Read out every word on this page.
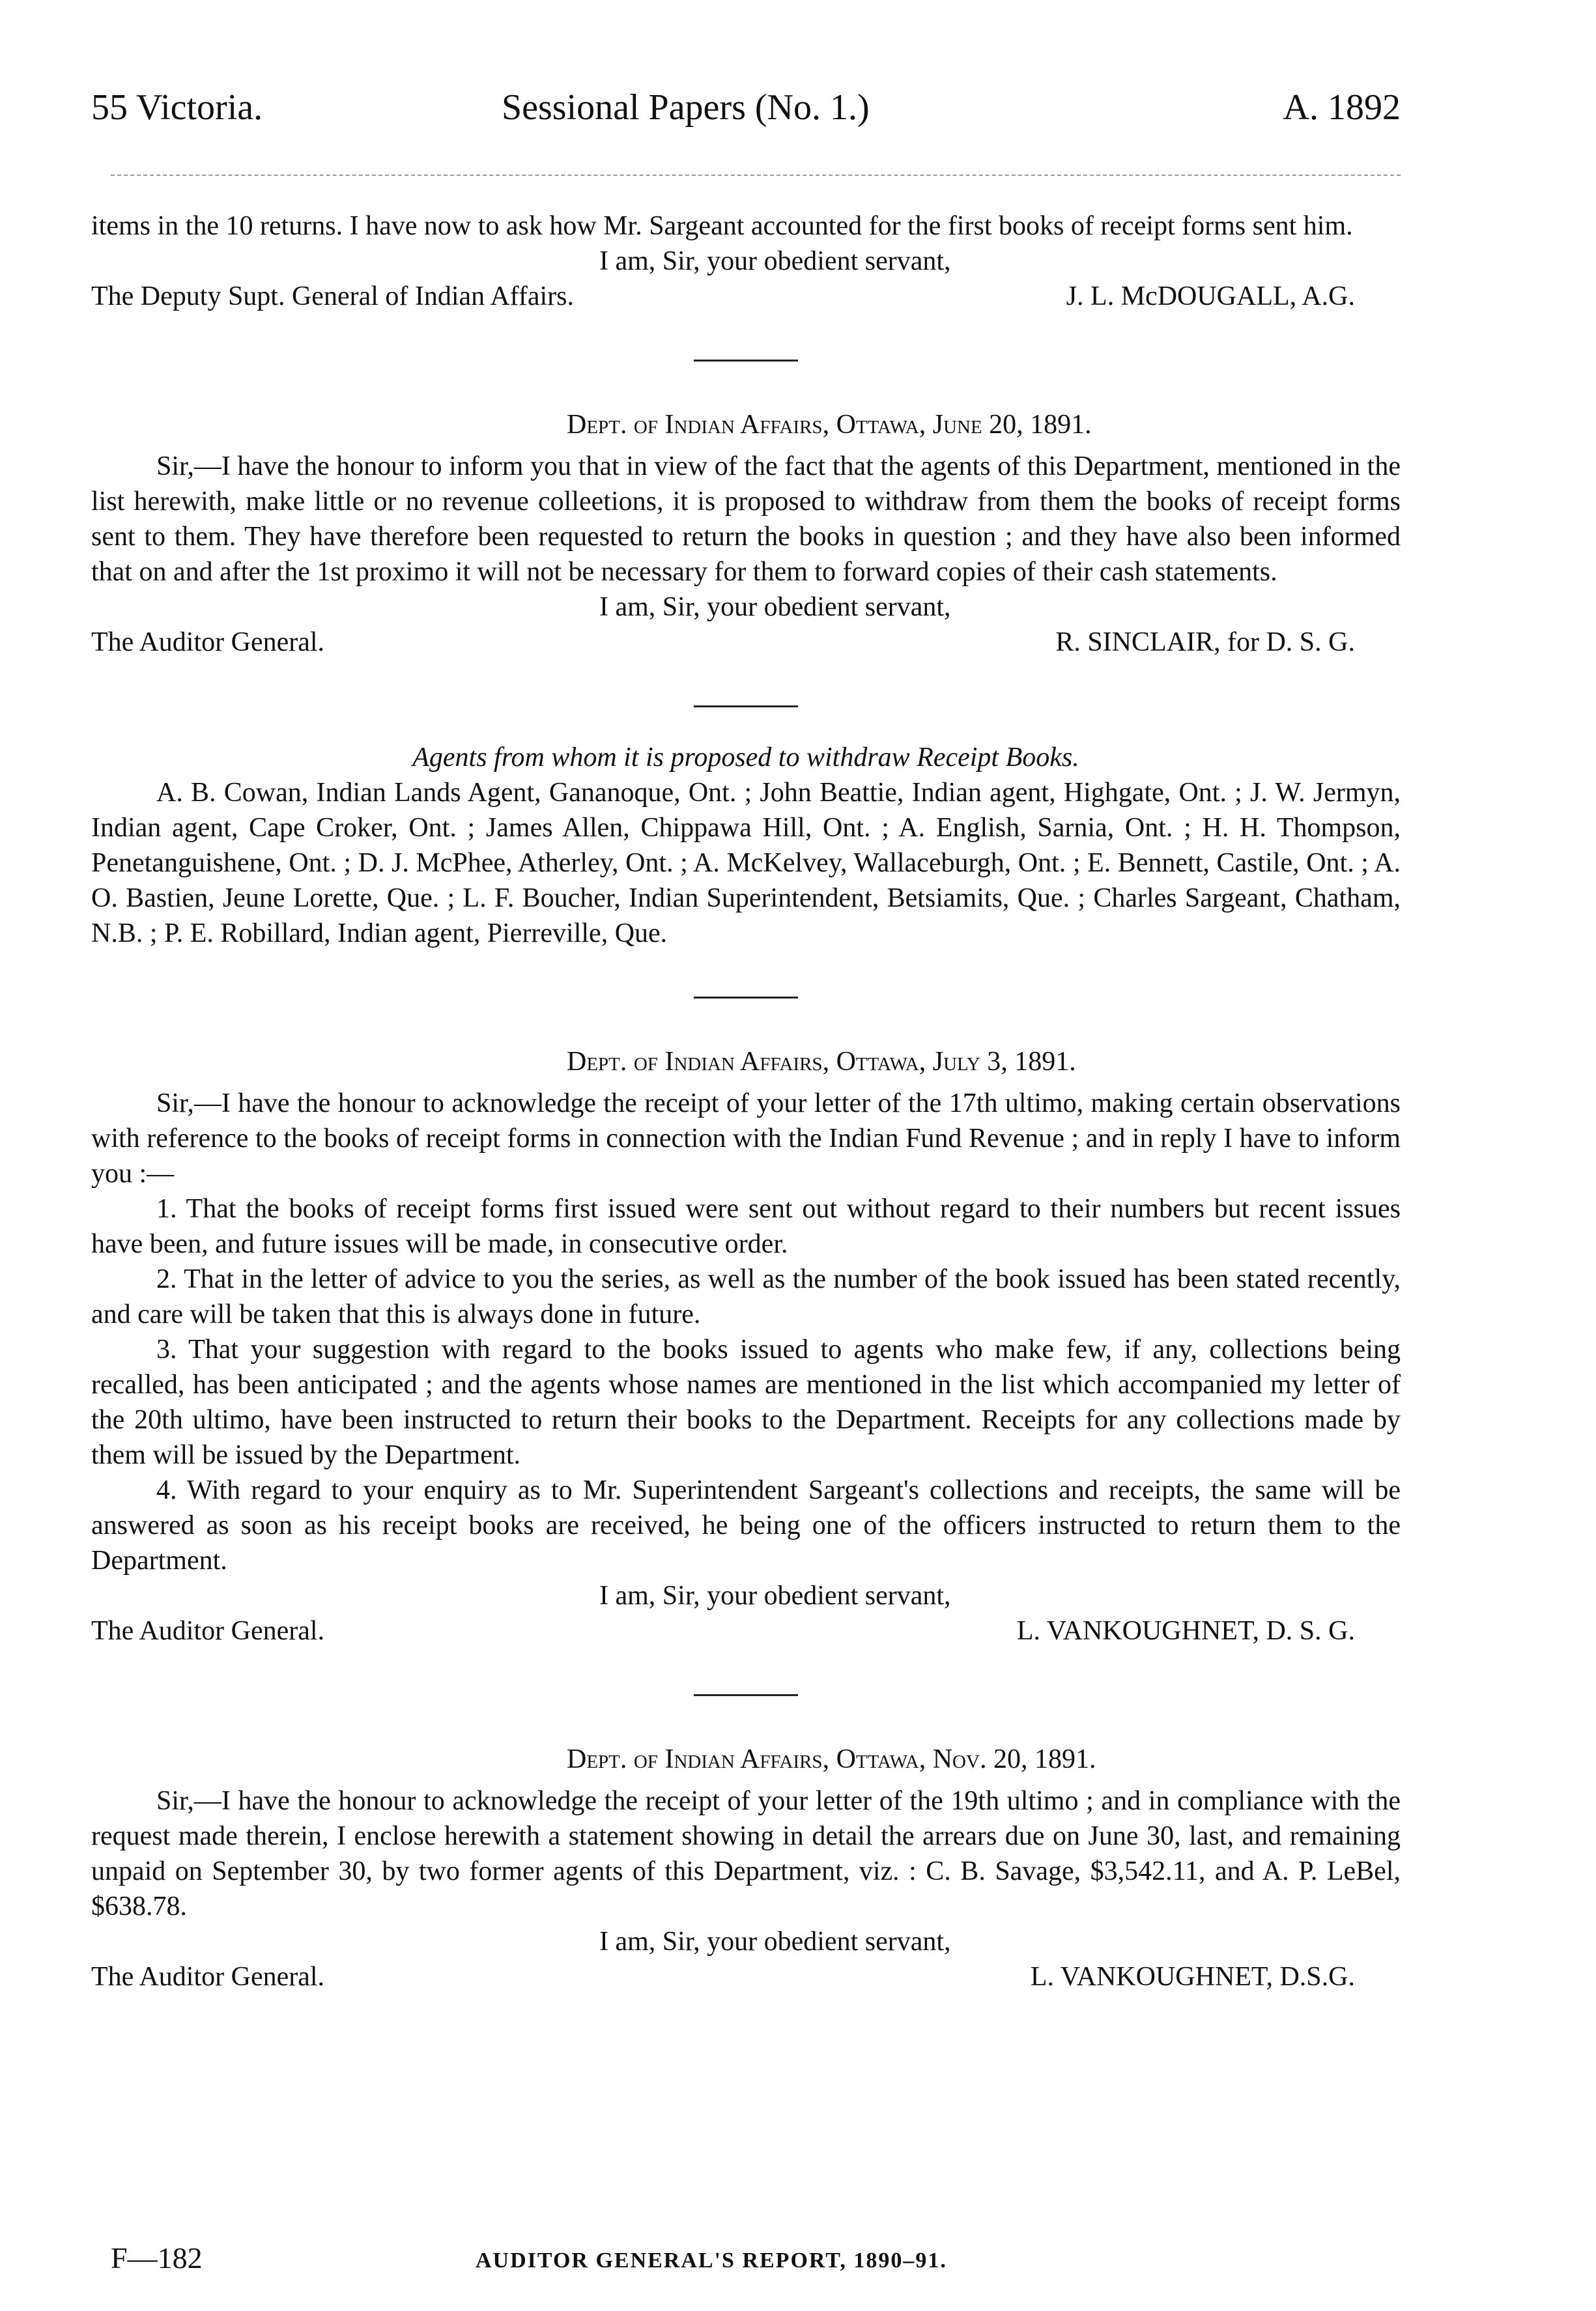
55 Victoria.	Sessional Papers (No. 1.)	A. 1892

items in the 10 returns. I have now to ask how Mr. Sargeant accounted for the first books of receipt forms sent him.

I am, Sir, your obedient servant,

The Deputy Supt. General of Indian Affairs.	J. L. McDOUGALL, A.G.

Dept. of Indian Affairs, Ottawa, June 20, 1891.

Sir,—I have the honour to inform you that in view of the fact that the agents of this Department, mentioned in the list herewith, make little or no revenue colleetions, it is proposed to withdraw from them the books of receipt forms sent to them. They have therefore been requested to return the books in question ; and they have also been informed that on and after the 1st proximo it will not be necessary for them to forward copies of their cash statements.

I am, Sir, your obedient servant,

The Auditor General.	R. SINCLAIR, for D. S. G.

Agents from whom it is proposed to withdraw Receipt Books.

A. B. Cowan, Indian Lands Agent, Gananoque, Ont. ; John Beattie, Indian agent, Highgate, Ont. ; J. W. Jermyn, Indian agent, Cape Croker, Ont. ; James Allen, Chippawa Hill, Ont. ; A. English, Sarnia, Ont. ; H. H. Thompson, Penetanguishene, Ont. ; D. J. McPhee, Atherley, Ont. ; A. McKelvey, Wallaceburgh, Ont. ; E. Bennett, Castile, Ont. ; A. O. Bastien, Jeune Lorette, Que. ; L. F. Boucher, Indian Superintendent, Betsiamits, Que. ; Charles Sargeant, Chatham, N.B. ; P. E. Robillard, Indian agent, Pierreville, Que.

Dept. of Indian Affairs, Ottawa, July 3, 1891.

Sir,—I have the honour to acknowledge the receipt of your letter of the 17th ultimo, making certain observations with reference to the books of receipt forms in connection with the Indian Fund Revenue ; and in reply I have to inform you :—

1. That the books of receipt forms first issued were sent out without regard to their numbers but recent issues have been, and future issues will be made, in consecutive order.

2. That in the letter of advice to you the series, as well as the number of the book issued has been stated recently, and care will be taken that this is always done in future.

3. That your suggestion with regard to the books issued to agents who make few, if any, collections being recalled, has been anticipated ; and the agents whose names are mentioned in the list which accompanied my letter of the 20th ultimo, have been instructed to return their books to the Department. Receipts for any collections made by them will be issued by the Department.

4. With regard to your enquiry as to Mr. Superintendent Sargeant's collections and receipts, the same will be answered as soon as his receipt books are received, he being one of the officers instructed to return them to the Department.

I am, Sir, your obedient servant,

The Auditor General.	L. VANKOUGHNET, D. S. G.

Dept. of Indian Affairs, Ottawa, Nov. 20, 1891.

Sir,—I have the honour to acknowledge the receipt of your letter of the 19th ultimo ; and in compliance with the request made therein, I enclose herewith a statement showing in detail the arrears due on June 30, last, and remaining unpaid on September 30, by two former agents of this Department, viz. : C. B. Savage, $3,542.11, and A. P. LeBel, $638.78.

I am, Sir, your obedient servant,

The Auditor General.	L. VANKOUGHNET, D.S.G.
F—182	AUDITOR GENERAL'S REPORT, 1890–91.
